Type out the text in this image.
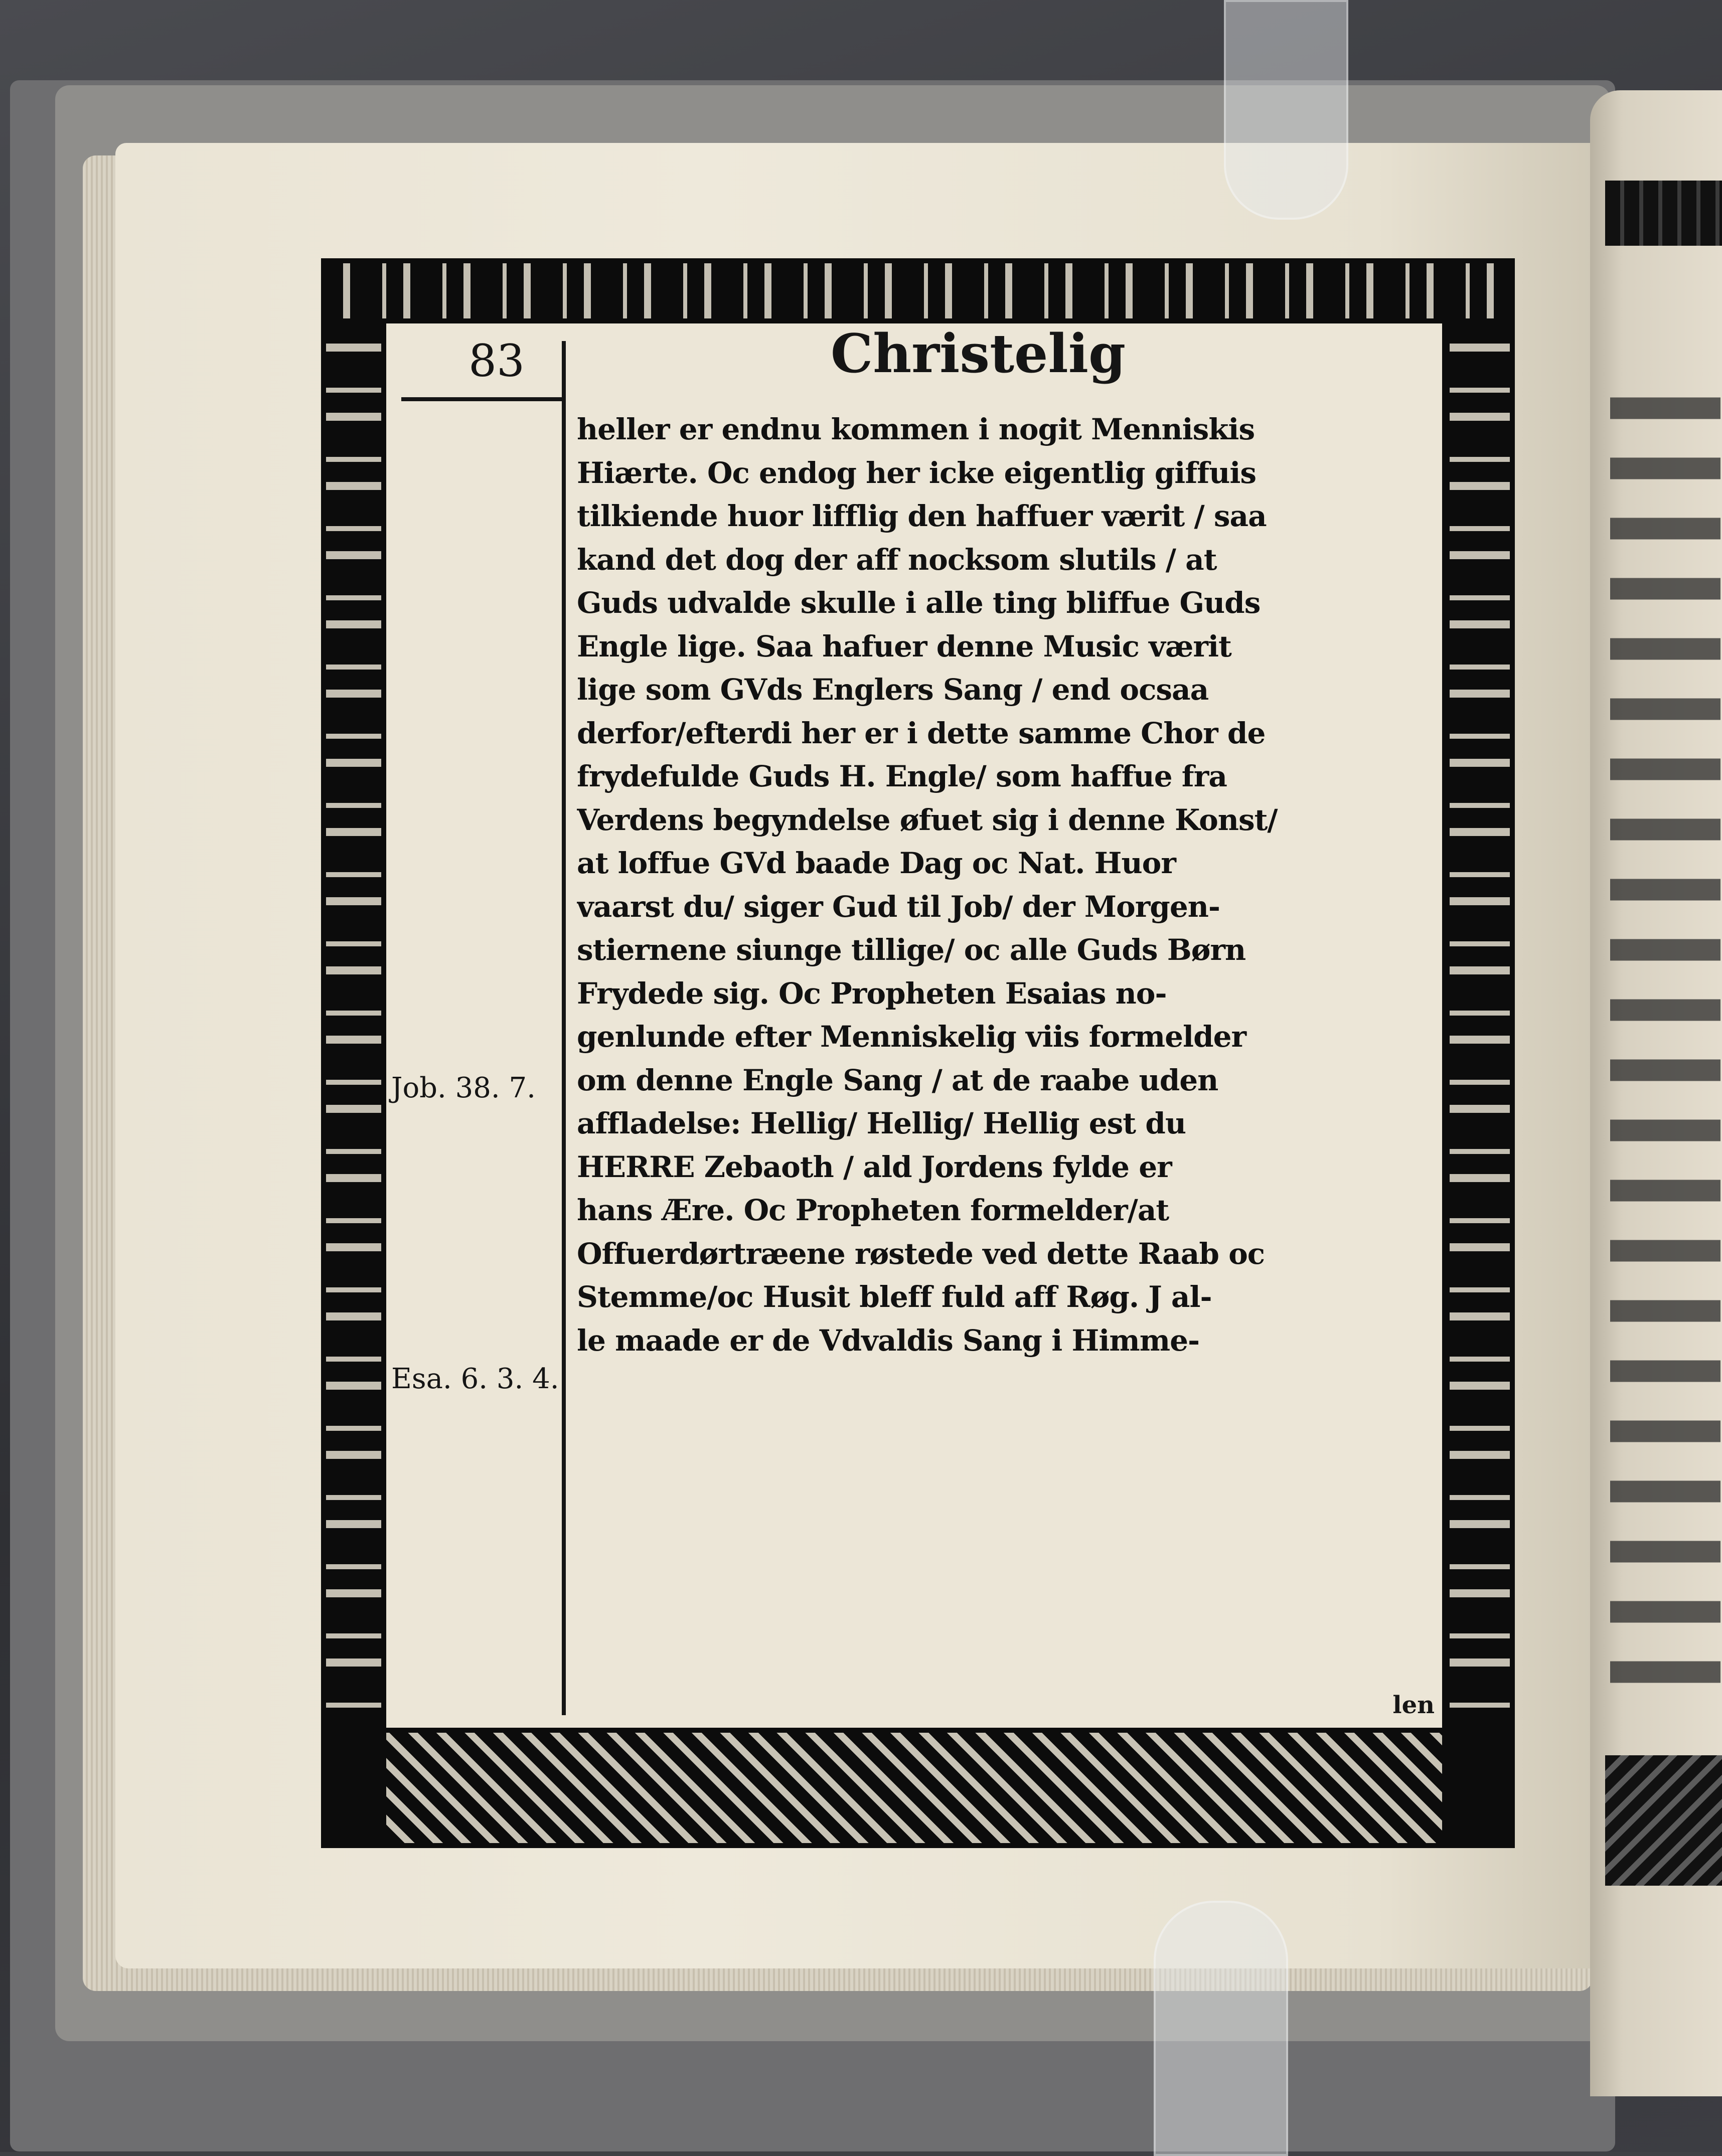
83	Christelig
Job. 38. 7.
Esa. 6. 3. 4.
heller er endnu kommen i nogit Menniskis
Hiærte. Oc endog her icke eigentlig giffuis
tilkiende huor lifflig den haffuer værit / saa
kand det dog der aff nocksom slutils / at
Guds udvalde skulle i alle ting bliffue Guds
Engle lige. Saa hafuer denne Music værit
lige som GVds Englers Sang / end ocsaa
derfor/efterdi her er i dette samme Chor de
frydefulde Guds H. Engle/ som haffue fra
Verdens begyndelse øfuet sig i denne Konst/
at loffue GVd baade Dag oc Nat. Huor
vaarst du/ siger Gud til Job/ der Morgen-
stiernene siunge tillige/ oc alle Guds Børn
Frydede sig. Oc Propheten Esaias no-
genlunde efter Menniskelig viis formelder
om denne Engle Sang / at de raabe uden
affladelse: Hellig/ Hellig/ Hellig est du
HERRE Zebaoth / ald Jordens fylde er
hans Ære. Oc Propheten formelder/at
Offuerdørtræene røstede ved dette Raab oc
Stemme/oc Husit bleff fuld aff Røg. J al-
le maade er de Vdvaldis Sang i Himme-
len
